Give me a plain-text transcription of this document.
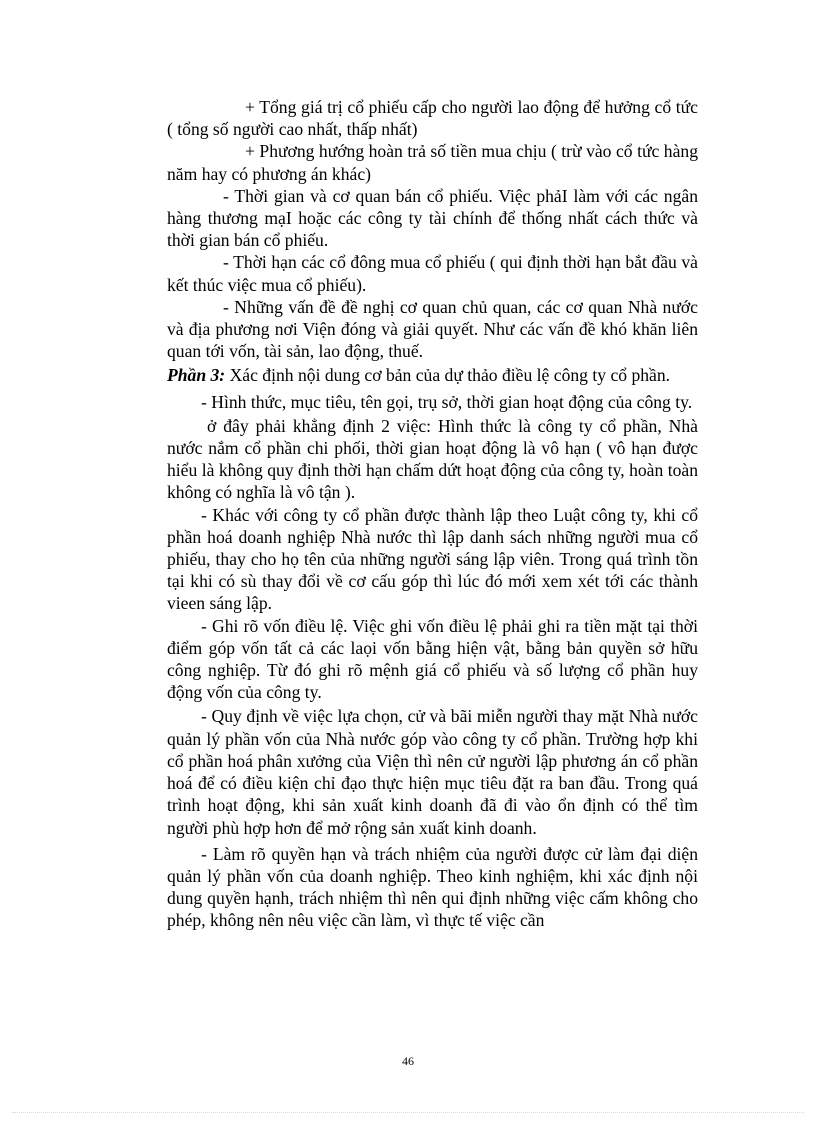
+ Tổng giá trị cổ phiếu cấp cho người lao động để hưởng cổ tức ( tổng số người cao nhất, thấp nhất)

+ Phương hướng hoàn trả số tiền mua chịu ( trừ vào cổ tức hàng năm hay có phương án khác)

- Thời gian và cơ quan bán cổ phiếu. Việc phảI làm với các ngân hàng thương mạI hoặc các công ty tài chính để thống nhất cách thức và thời gian bán cổ phiếu.

- Thời hạn các cổ đông mua cổ phiếu ( qui định thời hạn bắt đầu và kết thúc việc mua cổ phiếu).

- Những vấn đề đề nghị cơ quan chủ quan, các cơ quan Nhà nước và địa phương nơi Viện đóng và giải quyết. Như các vấn đề khó khăn liên quan tới vốn, tài sản, lao động, thuế.

Phần 3: Xác định nội dung cơ bản của dự thảo điều lệ công ty cổ phần.

- Hình thức, mục tiêu, tên gọi, trụ sở, thời gian hoạt động của công ty.

ở đây phải khẳng định 2 việc: Hình thức là công ty cổ phần, Nhà nước nắm cổ phần chi phối, thời gian hoạt động là vô hạn ( vô hạn được hiểu là không quy định thời hạn chấm dứt hoạt động của công ty, hoàn toàn không có nghĩa là vô tận ).

- Khác với công ty cổ phần được thành lập theo Luật công ty, khi cổ phần hoá doanh nghiệp Nhà nước thì lập danh sách những người mua cổ phiếu, thay cho họ tên của những người sáng lập viên. Trong quá trình tồn tại khi có sù thay đổi về cơ cấu góp thì lúc đó mới xem xét tới các thành vieen sáng lập.

- Ghi rõ vốn điều lệ. Việc ghi vốn điều lệ phải ghi ra tiền mặt tại thời điểm góp vốn tất cả các laọi vốn bằng hiện vật, bằng bản quyền sở hữu công nghiệp. Từ đó ghi rõ mệnh giá cổ phiếu và số lượng cổ phần huy động vốn của công ty.

- Quy định về việc lựa chọn, cử và bãi miễn người thay mặt Nhà nước quản lý phần vốn của Nhà nước góp vào công ty cổ phần. Trường hợp khi cổ phần hoá phân xưởng của Viện thì nên cử người lập phương án cổ phần hoá để có điều kiện chỉ đạo thực hiện mục tiêu đặt ra ban đầu. Trong quá trình hoạt động, khi sản xuất kinh doanh đã đi vào ổn định có thể tìm người phù hợp hơn để mở rộng sản xuất kinh doanh.

- Làm rõ quyền hạn và trách nhiệm của người được cử làm đại diện quản lý phần vốn của doanh nghiệp. Theo kinh nghiệm, khi xác định nội dung quyền hạnh, trách nhiệm thì nên qui định những việc cấm không cho phép, không nên nêu việc cần làm, vì thực tế việc cần

46
